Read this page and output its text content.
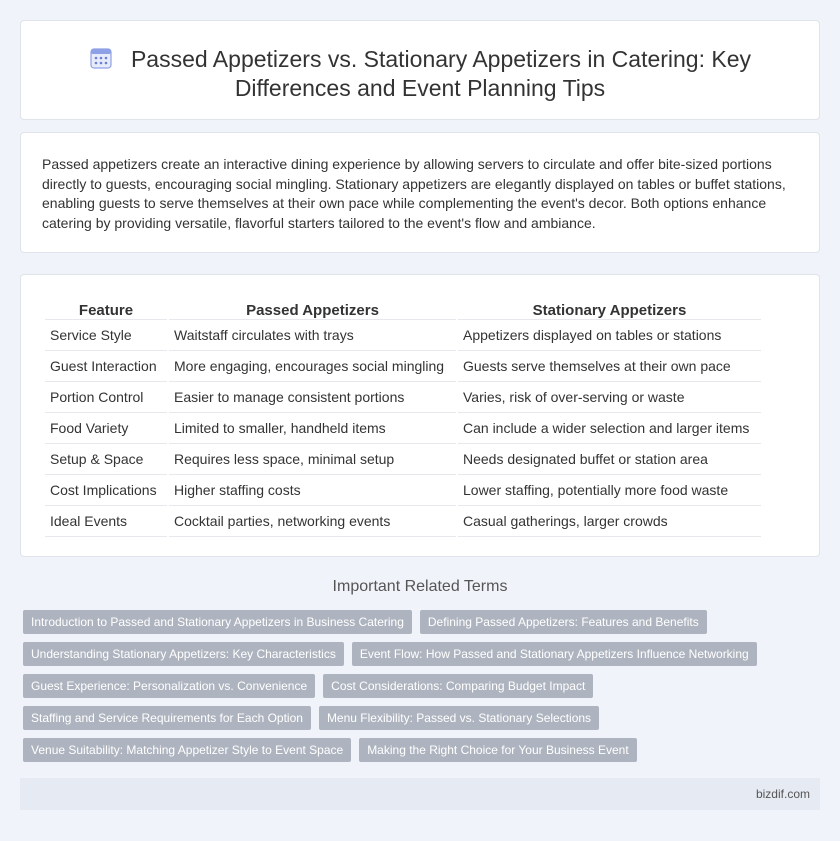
Passed Appetizers vs. Stationary Appetizers in Catering: Key Differences and Event Planning Tips

Passed appetizers create an interactive dining experience by allowing servers to circulate and offer bite-sized portions directly to guests, encouraging social mingling. Stationary appetizers are elegantly displayed on tables or buffet stations, enabling guests to serve themselves at their own pace while complementing the event's decor. Both options enhance catering by providing versatile, flavorful starters tailored to the event's flow and ambiance.

Feature	Passed Appetizers	Stationary Appetizers
Service Style	Waitstaff circulates with trays	Appetizers displayed on tables or stations
Guest Interaction	More engaging, encourages social mingling	Guests serve themselves at their own pace
Portion Control	Easier to manage consistent portions	Varies, risk of over-serving or waste
Food Variety	Limited to smaller, handheld items	Can include a wider selection and larger items
Setup & Space	Requires less space, minimal setup	Needs designated buffet or station area
Cost Implications	Higher staffing costs	Lower staffing, potentially more food waste
Ideal Events	Cocktail parties, networking events	Casual gatherings, larger crowds
Important Related Terms
Introduction to Passed and Stationary Appetizers in Business Catering	Defining Passed Appetizers: Features and Benefits
Understanding Stationary Appetizers: Key Characteristics	Event Flow: How Passed and Stationary Appetizers Influence Networking
Guest Experience: Personalization vs. Convenience	Cost Considerations: Comparing Budget Impact
Staffing and Service Requirements for Each Option	Menu Flexibility: Passed vs. Stationary Selections
Venue Suitability: Matching Appetizer Style to Event Space	Making the Right Choice for Your Business Event
bizdif.com
